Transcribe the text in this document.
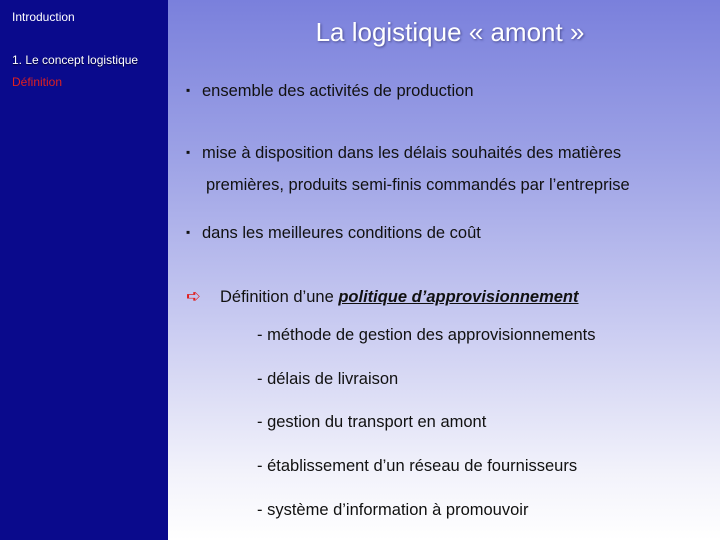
Introduction
1. Le concept logistique
Définition
La logistique « amont »
▪ ensemble des activités de production
▪ mise à disposition dans les délais souhaités des matières
premières, produits semi-finis commandés par l’entreprise
▪ dans les meilleures conditions de coût
➪ Définition d’une politique d’approvisionnement
- méthode de gestion des approvisionnements
- délais de livraison
- gestion du transport en amont
- établissement d’un réseau de fournisseurs
- système d’information à promouvoir
